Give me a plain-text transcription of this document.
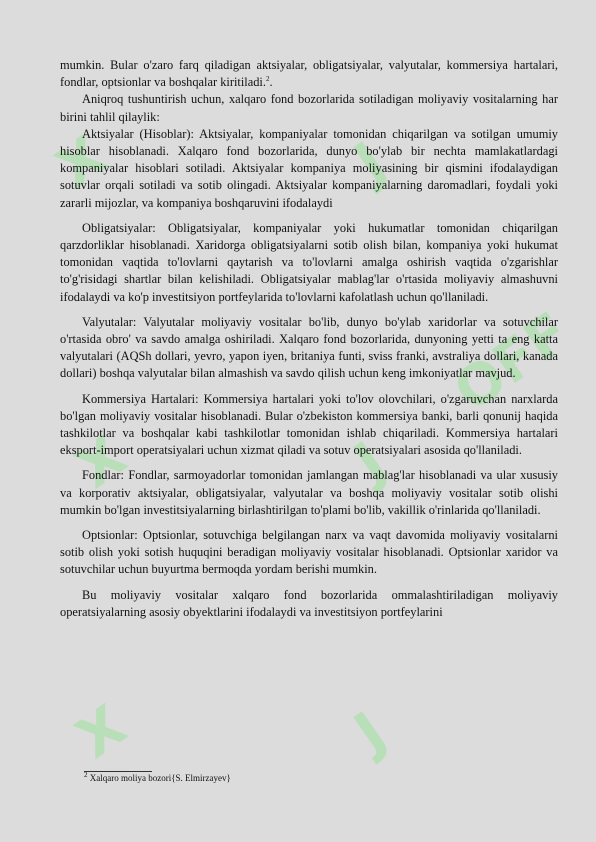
X	J
OFF
X	J
X	J

mumkin. Bular o'zaro farq qiladigan aktsiyalar, obligatsiyalar, valyutalar, kommersiya hartalari, fondlar, optsionlar va boshqalar kiritiladi.$^2$.

Aniqroq tushuntirish uchun, xalqaro fond bozorlarida sotiladigan moliyaviy vositalarning har birini tahlil qilaylik:

Aktsiyalar (Hisoblar): Aktsiyalar, kompaniyalar tomonidan chiqarilgan va sotilgan umumiy hisoblar hisoblanadi. Xalqaro fond bozorlarida, dunyo bo'ylab bir nechta mamlakatlardagi kompaniyalar hisoblari sotiladi. Aktsiyalar kompaniya moliyasining bir qismini ifodalaydigan sotuvlar orqali sotiladi va sotib olingadi. Aktsiyalar kompaniyalarning daromadlari, foydali yoki zararli mijozlar, va kompaniya boshqaruvini ifodalaydi

Obligatsiyalar: Obligatsiyalar, kompaniyalar yoki hukumatlar tomonidan chiqarilgan qarzdorliklar hisoblanadi. Xaridorga obligatsiyalarni sotib olish bilan, kompaniya yoki hukumat tomonidan vaqtida to'lovlarni qaytarish va to'lovlarni amalga oshirish vaqtida o'zgarishlar to'g'risidagi shartlar bilan kelishiladi. Obligatsiyalar mablag'lar o'rtasida moliyaviy almashuvni ifodalaydi va ko'p investitsiyon portfeylarida to'lovlarni kafolatlash uchun qo'llaniladi.

Valyutalar: Valyutalar moliyaviy vositalar bo'lib, dunyo bo'ylab xaridorlar va sotuvchilar o'rtasida obro' va savdo amalga oshiriladi. Xalqaro fond bozorlarida, dunyoning yetti ta eng katta valyutalari (AQSh dollari, yevro, yapon iyen, britaniya funti, sviss franki, avstraliya dollari, kanada dollari) boshqa valyutalar bilan almashish va savdo qilish uchun keng imkoniyatlar mavjud.

Kommersiya Hartalari: Kommersiya hartalari yoki to'lov olovchilari, o'zgaruvchan narxlarda bo'lgan moliyaviy vositalar hisoblanadi. Bular o'zbekiston kommersiya banki, barli qonunij haqida tashkilotlar va boshqalar kabi tashkilotlar tomonidan ishlab chiqariladi. Kommersiya hartalari eksport-import operatsiyalari uchun xizmat qiladi va sotuv operatsiyalari asosida qo'llaniladi.

Fondlar: Fondlar, sarmoyadorlar tomonidan jamlangan mablag'lar hisoblanadi va ular xususiy va korporativ aktsiyalar, obligatsiyalar, valyutalar va boshqa moliyaviy vositalar sotib olishi mumkin bo'lgan investitsiyalarning birlashtirilgan to'plami bo'lib, vakillik o'rinlarida qo'llaniladi.

Optsionlar: Optsionlar, sotuvchiga belgilangan narx va vaqt davomida moliyaviy vositalarni sotib olish yoki sotish huquqini beradigan moliyaviy vositalar hisoblanadi. Optsionlar xaridor va sotuvchilar uchun buyurtma bermoqda yordam berishi mumkin.

Bu moliyaviy vositalar xalqaro fond bozorlarida ommalashtiriladigan moliyaviy operatsiyalarning asosiy obyektlarini ifodalaydi va investitsiyon portfeylarini

$^2$ Xalqaro moliya bozori{S. Elmirzayev}
